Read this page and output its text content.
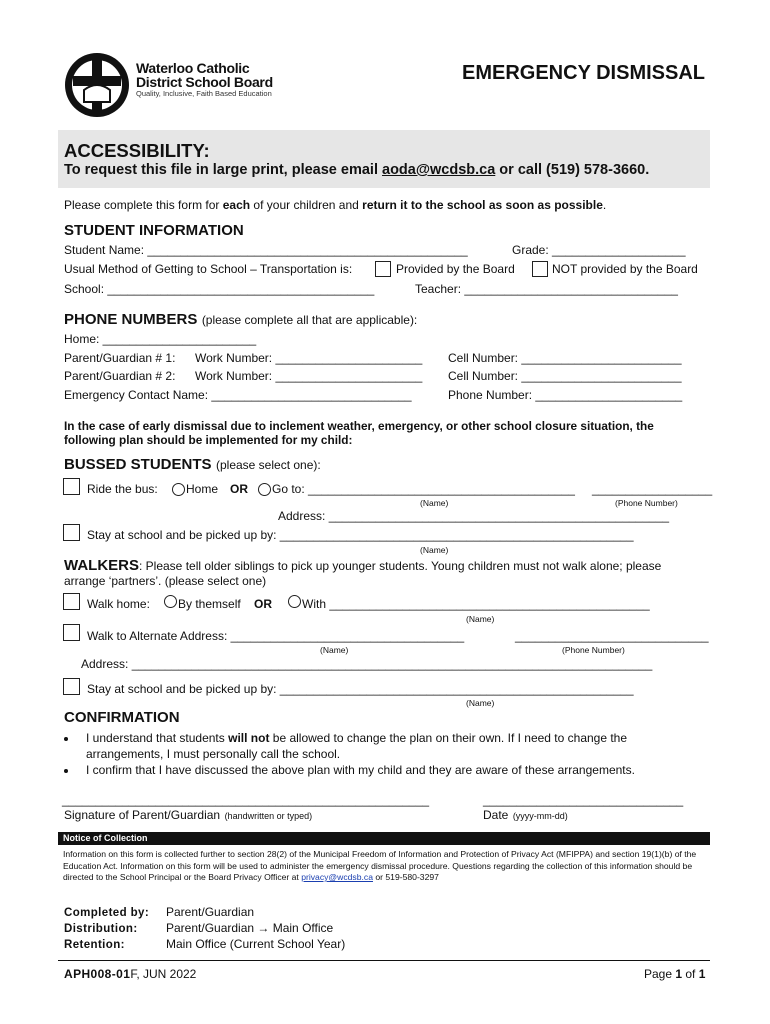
Waterloo Catholic
District School Board
Quality, Inclusive, Faith Based Education
EMERGENCY DISMISSAL
ACCESSIBILITY:
To request this file in large print, please email aoda@wcdsb.ca or call (519) 578-3660.
Please complete this form for each of your children and return it to the school as soon as possible.
STUDENT INFORMATION
Student Name: ________________________________________________	Grade: ____________________
Usual Method of Getting to School – Transportation is:	Provided by the Board	NOT provided by the Board
School: ________________________________________	Teacher: ________________________________
PHONE NUMBERS (please complete all that are applicable):
Home: _______________________
Parent/Guardian # 1: Work Number: ______________________ Cell Number: ________________________
Parent/Guardian # 2: Work Number: ______________________ Cell Number: ________________________
Emergency Contact Name: ______________________________	Phone Number: ______________________
In the case of early dismissal due to inclement weather, emergency, or other school closure situation, the
following plan should be implemented for my child:
BUSSED STUDENTS (please select one):
Ride the bus: Home OR Go to: ________________________________________ __________________
(Name)	(Phone Number)
Address: ___________________________________________________
Stay at school and be picked up by: _____________________________________________________
(Name)
WALKERS: Please tell older siblings to pick up younger students. Young children must not walk alone; please
arrange ‘partners’. (please select one)
Walk home: By themself OR	With ________________________________________________
(Name)
Walk to Alternate Address: ___________________________________	_____________________________
(Name)	(Phone Number)
Address: ______________________________________________________________________________
Stay at school and be picked up by: _____________________________________________________
(Name)
CONFIRMATION
I understand that students will not be allowed to change the plan on their own. If I need to change the
arrangements, I must personally call the school.
I confirm that I have discussed the above plan with my child and they are aware of these arrangements.
_______________________________________________________	______________________________
Signature of Parent/Guardian (handwritten or typed)	Date (yyyy-mm-dd)
Notice of Collection
Information on this form is collected further to section 28(2) of the Municipal Freedom of Information and Protection of Privacy Act (MFIPPA) and section 19(1)(b) of the Education Act. Information on this form will be used to administer the emergency dismissal procedure. Questions regarding the collection of this information should be directed to the School Principal or the Board Privacy Officer at privacy@wcdsb.ca or 519-580-3297
Completed by: Parent/Guardian
Distribution: Parent/Guardian → Main Office
Retention:	Main Office (Current School Year)
APH008-01F, JUN 2022	Page 1 of 1
